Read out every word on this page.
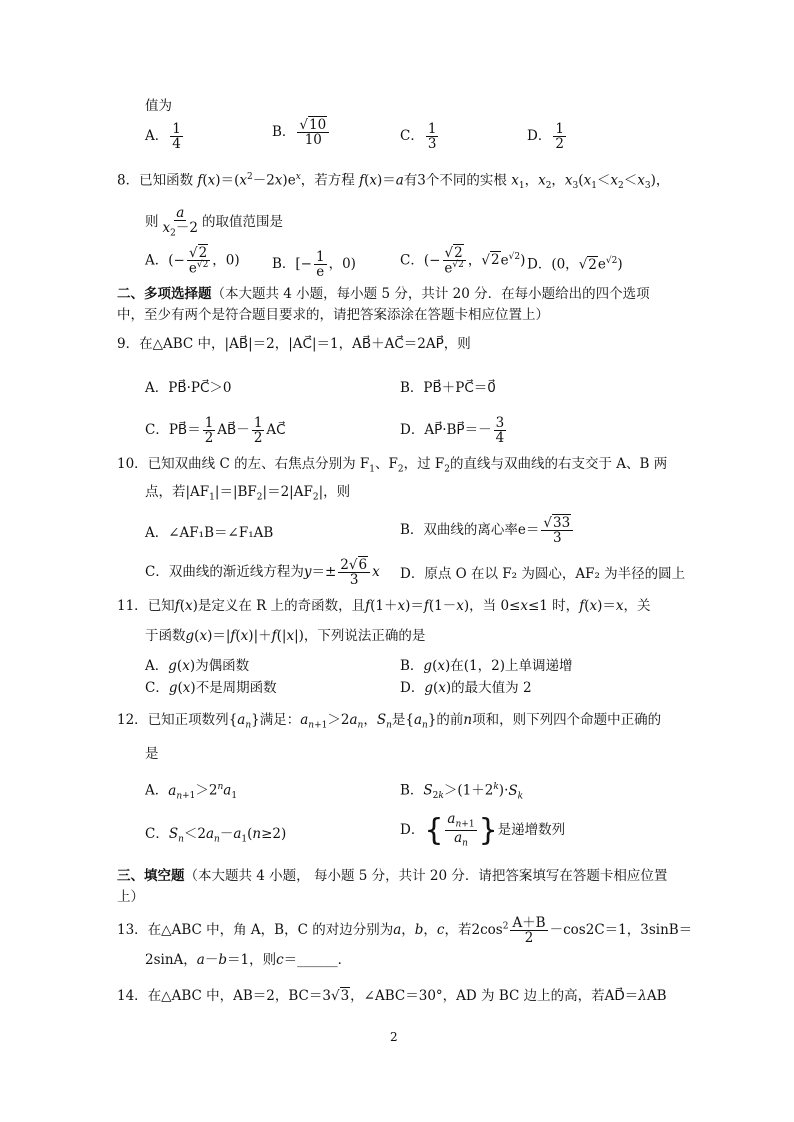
值为
A． $\frac{1}{4}$	B． $\frac{√10}{10}$	C． $\frac{1}{3}$	D． $\frac{1}{2}$
8．已知函数 $f(x)=(x^2-2x)e^x$，若方程 f(x)＝a有3个不同的实根 $x_1$，$x_2$，$x_3(x_1<x_2<x_3)$，
则 $\frac{a}{x_2-2}$ 的取值范围是
A．(− $\frac{√2}{e^{√2}}$ ，0) B．[− $\frac{1}{e}$ ，0)	C．(− $\frac{√2}{e^{√2}}$ ，$√2e^{√2}$) D．(0，$√2e^{√2}$)
二、多项选择题（本大题共 4 小题，每小题 5 分，共计 20 分．在每小题给出的四个选项
中，至少有两个是符合题目要求的，请把答案添涂在答题卡相应位置上）
9．在△ABC 中，|AB⃗|＝2，|AC⃗|＝1，AB⃗＋AC⃗＝2AP⃗，则
A．PB⃗·PC⃗＞0	B．PB⃗＋PC⃗＝0⃗
C．PB⃗＝ $\frac{1}{2}$ AB⃗－ $\frac{1}{2}$ AC⃗	D．AP⃗·BP⃗＝－ $\frac{3}{4}$
10．已知双曲线 C 的左、右焦点分别为 $F_1$、$F_2$，过 $F_2$的直线与双曲线的右支交于 A、B 两
点，若$|AF_1|=|BF_2|=2|AF_2|$，则
A．∠AF₁B＝∠F₁AB	B．双曲线的离心率$e= \frac{√33}{3}$
C．双曲线的渐近线方程为$y=\pm \frac{2√6}{3}$ x D．原点 O 在以 F₂ 为圆心，AF₂ 为半径的圆上
11．已知f(x)是定义在 R 上的奇函数，且f(1＋x)＝f(1－x)，当 0≤x≤1 时，f(x)＝x，关
于函数g(x)＝|f(x)|＋f(|x|)，下列说法正确的是
A．g(x)为偶函数	B．g(x)在(1，2)上单调递增
C．g(x)不是周期函数	D．g(x)的最大值为 2
12．已知正项数列$\{a_n\}$满足：$a_{n+1}>2a_n$，$S_n$是$\{a_n\}$的前n项和，则下列四个命题中正确的
是
A．$a_{n+1}>2^na_1$	B．$S_{2k}>(1+2^k)\cdot S_k$
C．$S_n<2a_n-a_1(n\ge 2)$	D． { $\frac{a_{n+1}}{a_n}$ } 是递增数列
三、填空题（本大题共 4 小题， 每小题 5 分，共计 20 分．请把答案填写在答题卡相应位置
上）
13．在△ABC 中，角 A，B，C 的对边分别为a，b，c，若$2\cos^2 \frac{A+B}{2} -\cos 2C=1$，3sinB＝
2sinA，a－b＝1，则c＝______．
14．在△ABC 中，AB＝2，BC＝3√3，∠ABC＝30°，AD 为 BC 边上的高，若AD⃗＝λAB
2
